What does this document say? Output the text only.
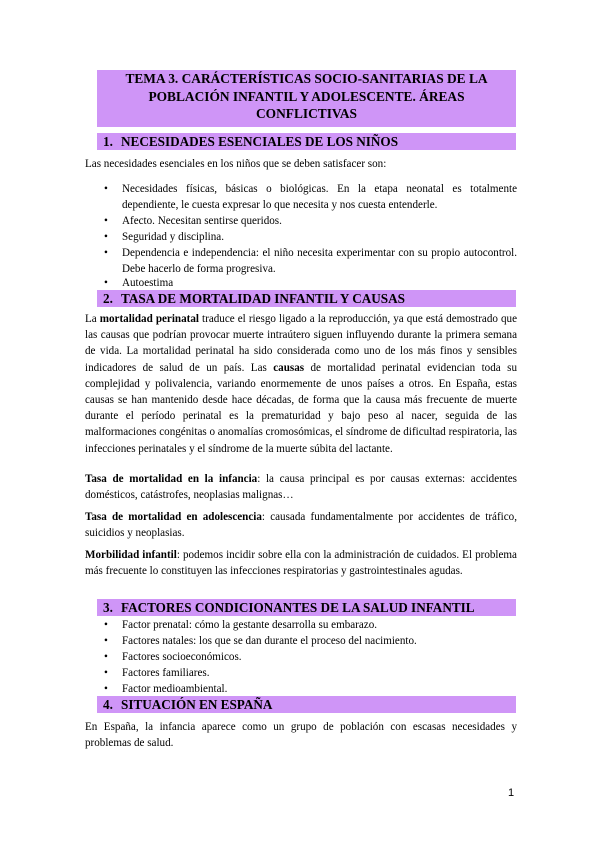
TEMA 3. CARÁCTERÍSTICAS SOCIO-SANITARIAS DE LA POBLACIÓN INFANTIL Y ADOLESCENTE. ÁREAS CONFLICTIVAS
1. NECESIDADES ESENCIALES DE LOS NIÑOS
Las necesidades esenciales en los niños que se deben satisfacer son:
• Necesidades físicas, básicas o biológicas. En la etapa neonatal es totalmente dependiente, le cuesta expresar lo que necesita y nos cuesta entenderle.
• Afecto. Necesitan sentirse queridos.
• Seguridad y disciplina.
• Dependencia e independencia: el niño necesita experimentar con su propio autocontrol. Debe hacerlo de forma progresiva.
• Autoestima
2. TASA DE MORTALIDAD INFANTIL Y CAUSAS
La mortalidad perinatal traduce el riesgo ligado a la reproducción, ya que está demostrado que las causas que podrían provocar muerte intraútero siguen influyendo durante la primera semana de vida. La mortalidad perinatal ha sido considerada como uno de los más finos y sensibles indicadores de salud de un país. Las causas de mortalidad perinatal evidencian toda su complejidad y polivalencia, variando enormemente de unos países a otros. En España, estas causas se han mantenido desde hace décadas, de forma que la causa más frecuente de muerte durante el período perinatal es la prematuridad y bajo peso al nacer, seguida de las malformaciones congénitas o anomalías cromosómicas, el síndrome de dificultad respiratoria, las infecciones perinatales y el síndrome de la muerte súbita del lactante.
Tasa de mortalidad en la infancia: la causa principal es por causas externas: accidentes domésticos, catástrofes, neoplasias malignas…
Tasa de mortalidad en adolescencia: causada fundamentalmente por accidentes de tráfico, suicidios y neoplasias.
Morbilidad infantil: podemos incidir sobre ella con la administración de cuidados. El problema más frecuente lo constituyen las infecciones respiratorias y gastrointestinales agudas.
3. FACTORES CONDICIONANTES DE LA SALUD INFANTIL
• Factor prenatal: cómo la gestante desarrolla su embarazo.
• Factores natales: los que se dan durante el proceso del nacimiento.
• Factores socioeconómicos.
• Factores familiares.
• Factor medioambiental.
4. SITUACIÓN EN ESPAÑA
En España, la infancia aparece como un grupo de población con escasas necesidades y problemas de salud.
1
